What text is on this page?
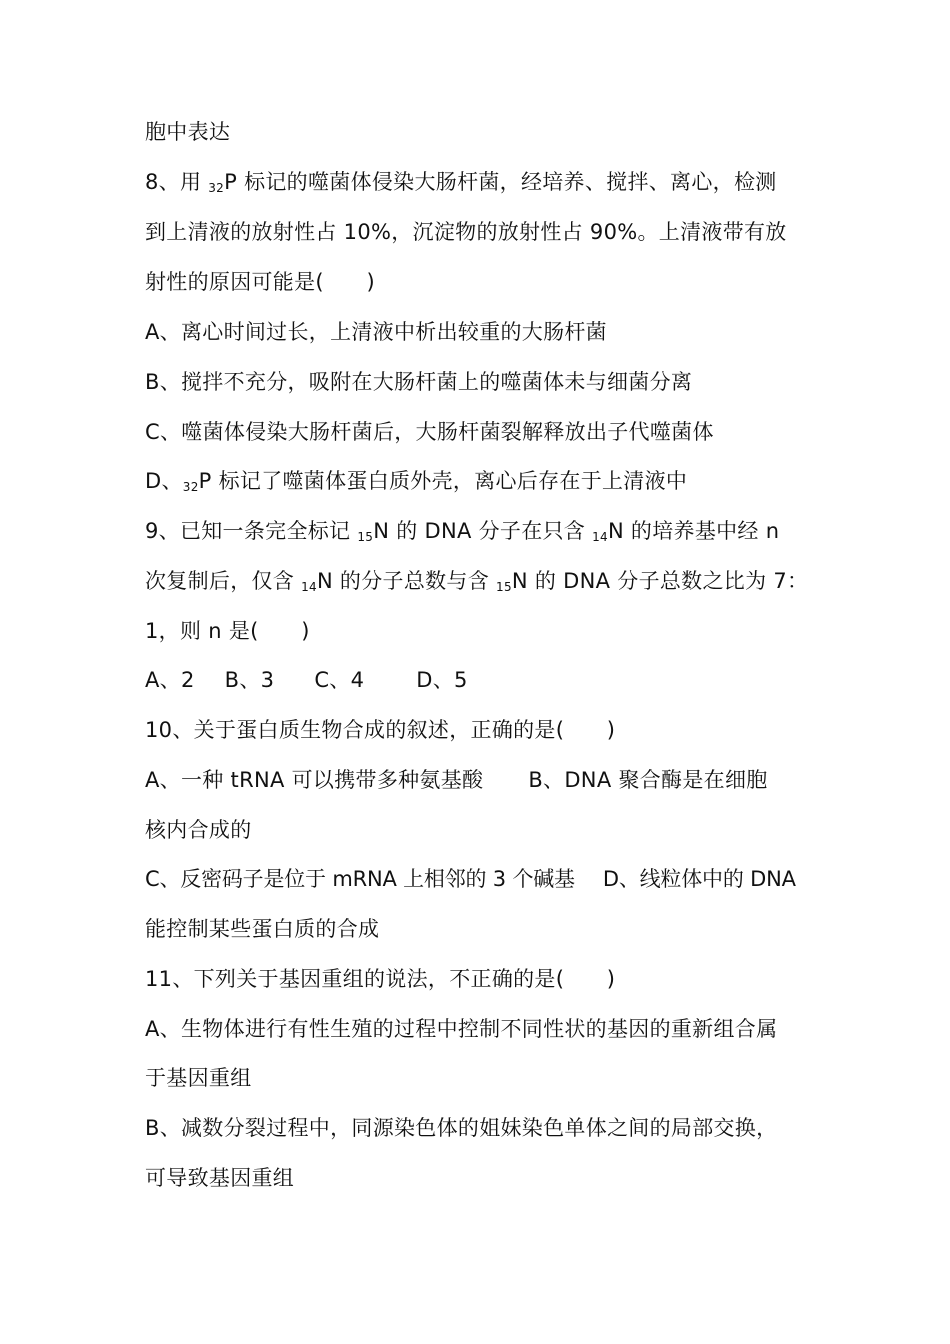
胞中表达
8、用 $_{32}$P 标记的噬菌体侵染大肠杆菌，经培养、搅拌、离心，检测
到上清液的放射性占 10%，沉淀物的放射性占 90%。上清液带有放
射性的原因可能是(　　)
A、离心时间过长，上清液中析出较重的大肠杆菌
B、搅拌不充分，吸附在大肠杆菌上的噬菌体未与细菌分离
C、噬菌体侵染大肠杆菌后，大肠杆菌裂解释放出子代噬菌体
D、$_{32}$P 标记了噬菌体蛋白质外壳，离心后存在于上清液中
9、已知一条完全标记 $_{15}$N 的 DNA 分子在只含 $_{14}$N 的培养基中经 n
次复制后，仅含 $_{14}$N 的分子总数与含 $_{15}$N 的 DNA 分子总数之比为 7：
1，则 n 是(　　)
A、2 B、3 C、4 D、5
10、关于蛋白质生物合成的叙述，正确的是(　　)
A、一种 tRNA 可以携带多种氨基酸 B、DNA 聚合酶是在细胞
核内合成的
C、反密码子是位于 mRNA 上相邻的 3 个碱基 D、线粒体中的 DNA
能控制某些蛋白质的合成
11、下列关于基因重组的说法，不正确的是(　　)
A、生物体进行有性生殖的过程中控制不同性状的基因的重新组合属
于基因重组
B、减数分裂过程中，同源染色体的姐妹染色单体之间的局部交换，
可导致基因重组
